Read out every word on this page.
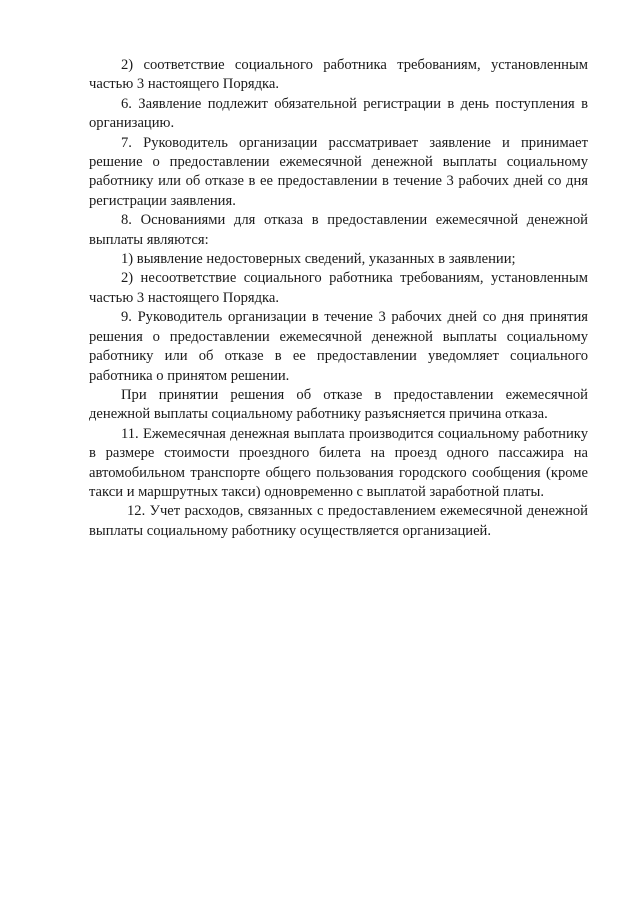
2) соответствие социального работника требованиям, установленным частью 3 настоящего Порядка.

6. Заявление подлежит обязательной регистрации в день поступления в организацию.

7. Руководитель организации рассматривает заявление и принимает решение о предоставлении ежемесячной денежной выплаты социальному работнику или об отказе в ее предоставлении в течение 3 рабочих дней со дня регистрации заявления.

8. Основаниями для отказа в предоставлении ежемесячной денежной выплаты являются:

1) выявление недостоверных сведений, указанных в заявлении;

2) несоответствие социального работника требованиям, установленным частью 3 настоящего Порядка.

9. Руководитель организации в течение 3 рабочих дней со дня принятия решения о предоставлении ежемесячной денежной выплаты социальному работнику или об отказе в ее предоставлении уведомляет социального работника о принятом решении.

При принятии решения об отказе в предоставлении ежемесячной денежной выплаты социальному работнику разъясняется причина отказа.

11. Ежемесячная денежная выплата производится социальному работнику в размере стоимости проездного билета на проезд одного пассажира на автомобильном транспорте общего пользования городского сообщения (кроме такси и маршрутных такси) одновременно с выплатой заработной платы.

12. Учет расходов, связанных с предоставлением ежемесячной денежной выплаты социальному работнику осуществляется организацией.
